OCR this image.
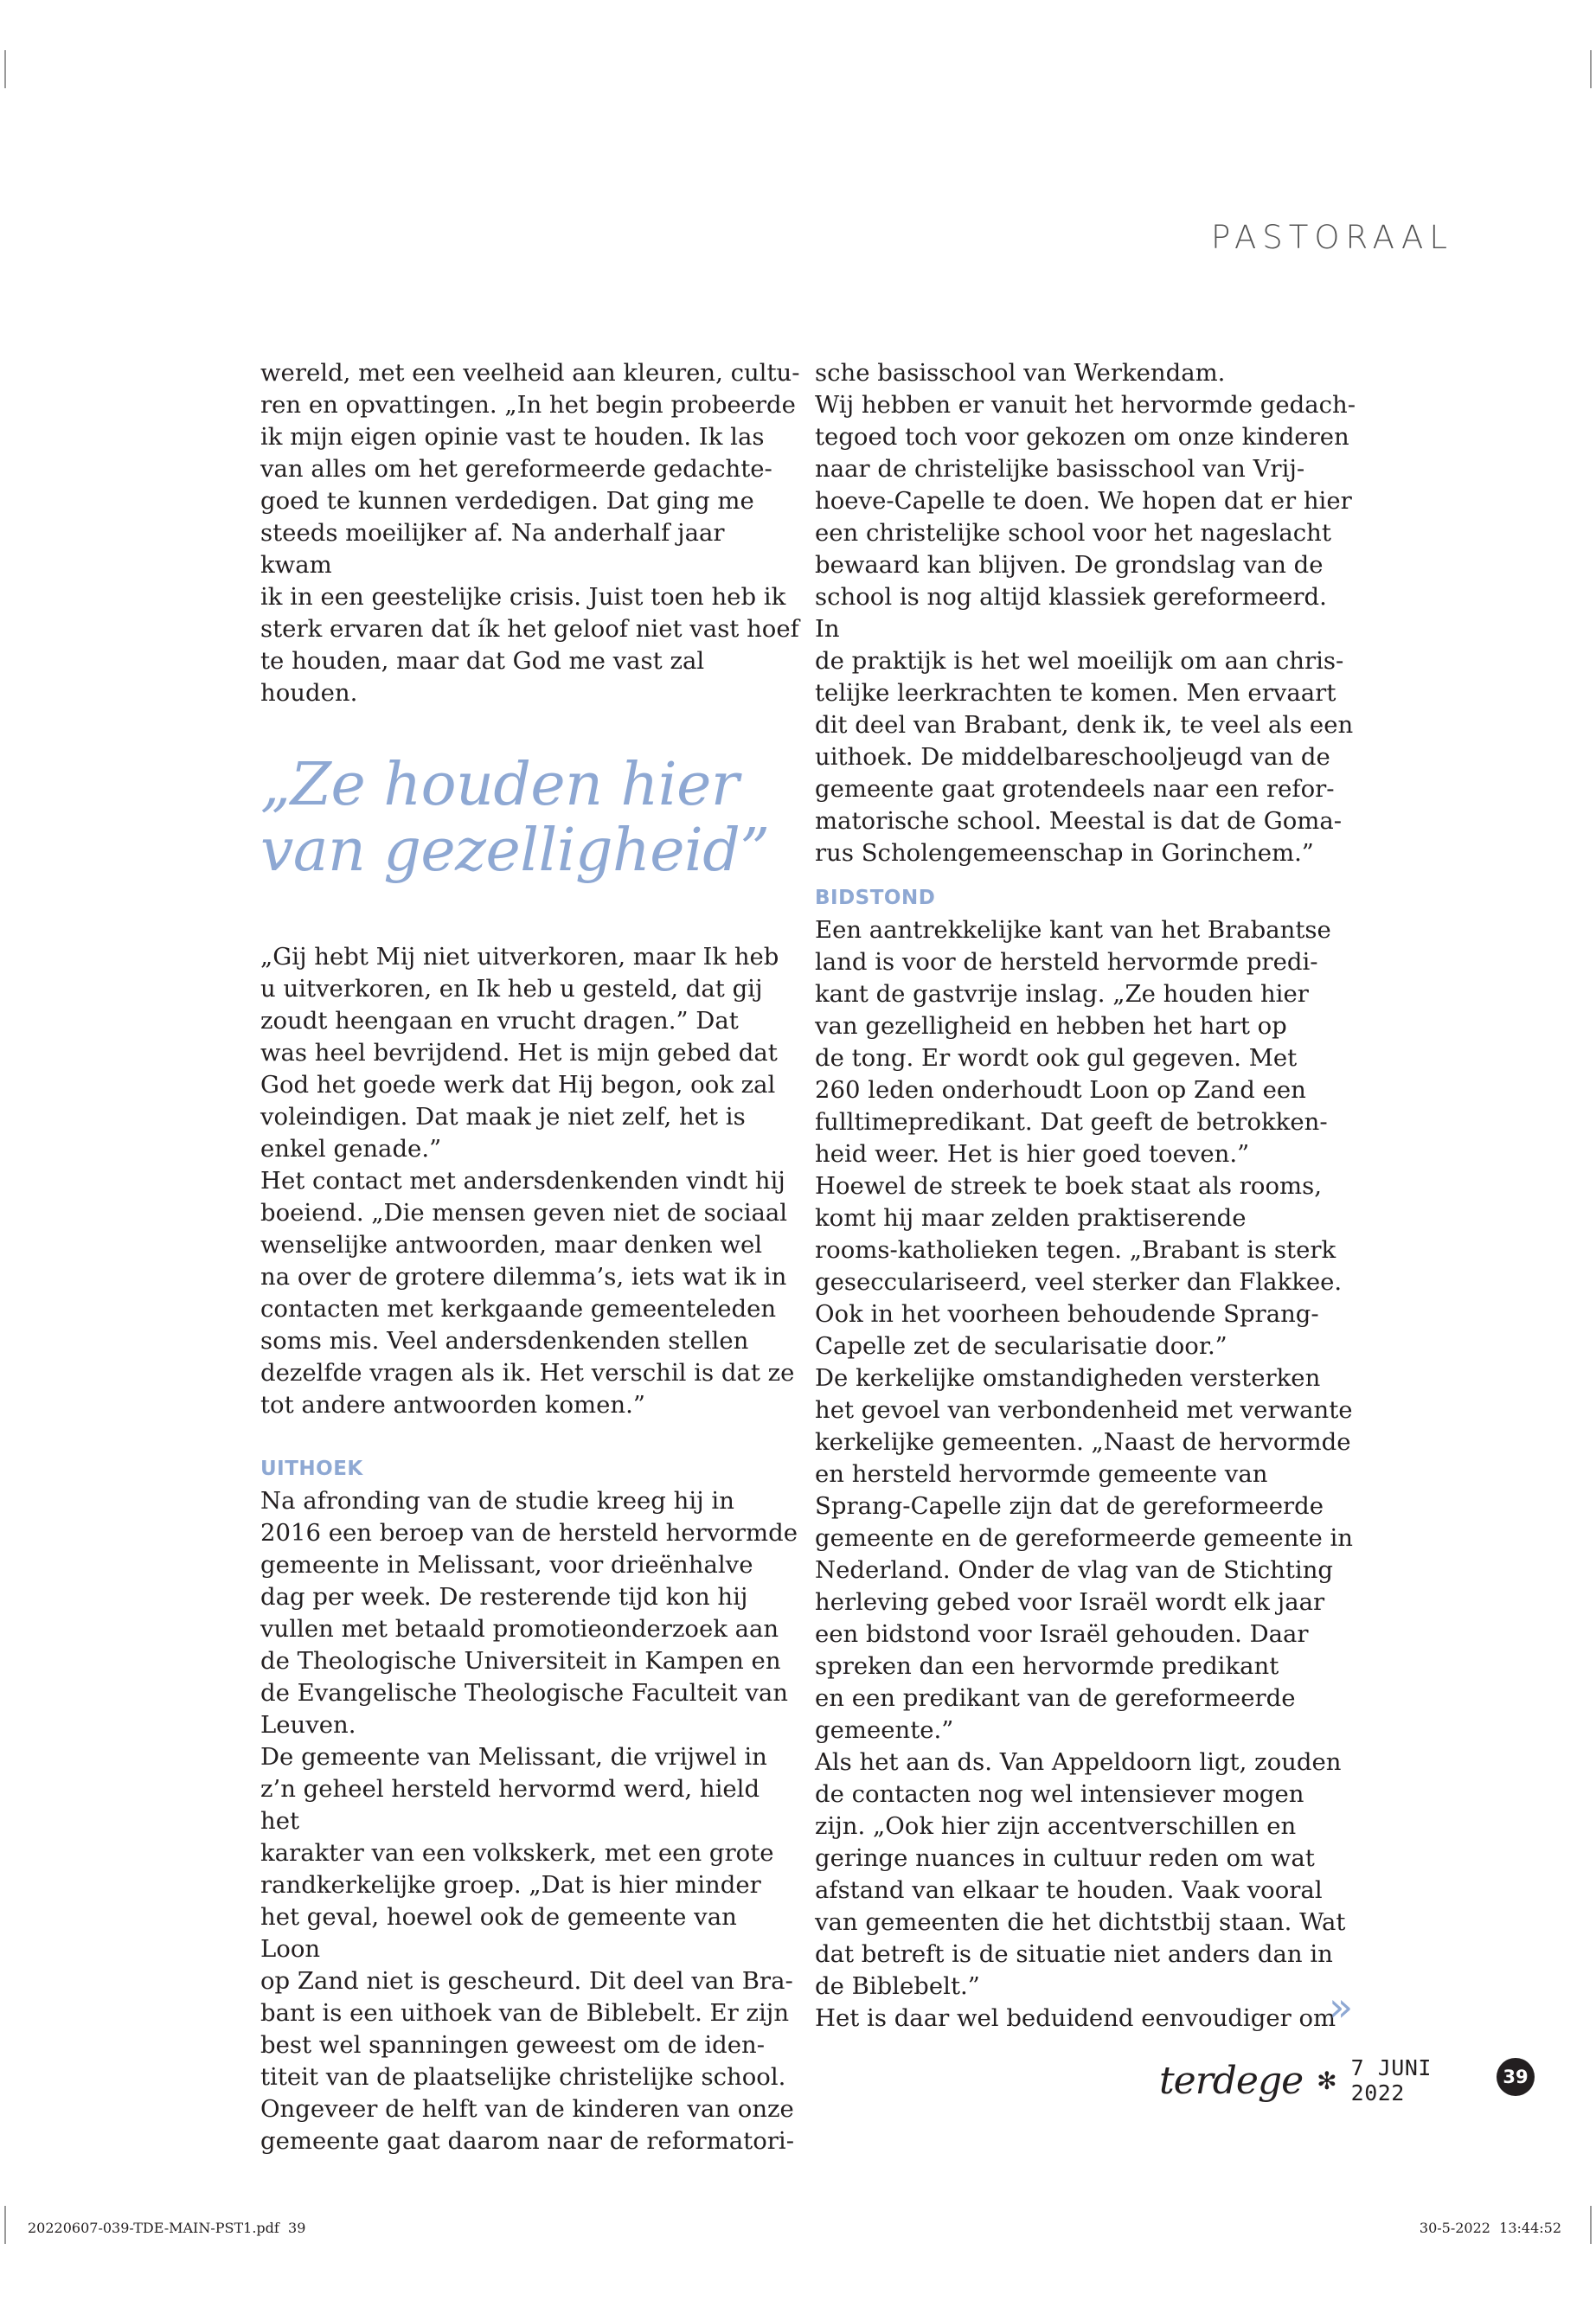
PASTORAAL

wereld, met een veelheid aan kleuren, cultu-
ren en opvattingen. „In het begin probeerde
ik mijn eigen opinie vast te houden. Ik las
van alles om het gereformeerde gedachte-
goed te kunnen verdedigen. Dat ging me
steeds moeilijker af. Na anderhalf jaar kwam
ik in een geestelijke crisis. Juist toen heb ik
sterk ervaren dat ík het geloof niet vast hoef
te houden, maar dat God me vast zal houden.

„Ze houden hier
van gezelligheid”

„Gij hebt Mij niet uitverkoren, maar Ik heb
u uitverkoren, en Ik heb u gesteld, dat gij
zoudt heengaan en vrucht dragen.” Dat
was heel bevrijdend. Het is mijn gebed dat
God het goede werk dat Hij begon, ook zal
voleindigen. Dat maak je niet zelf, het is
enkel genade.”
Het contact met andersdenkenden vindt hij
boeiend. „Die mensen geven niet de sociaal
wenselijke antwoorden, maar denken wel
na over de grotere dilemma’s, iets wat ik in
contacten met kerkgaande gemeenteleden
soms mis. Veel andersdenkenden stellen
dezelfde vragen als ik. Het verschil is dat ze
tot andere antwoorden komen.”

UITHOEK

Na afronding van de studie kreeg hij in
2016 een beroep van de hersteld hervormde
gemeente in Melissant, voor drieënhalve
dag per week. De resterende tijd kon hij
vullen met betaald promotieonderzoek aan
de Theologische Universiteit in Kampen en
de Evangelische Theologische Faculteit van
Leuven.
De gemeente van Melissant, die vrijwel in
z’n geheel hersteld hervormd werd, hield het
karakter van een volkskerk, met een grote
randkerkelijke groep. „Dat is hier minder
het geval, hoewel ook de gemeente van Loon
op Zand niet is gescheurd. Dit deel van Bra-
bant is een uithoek van de Biblebelt. Er zijn
best wel spanningen geweest om de iden-
titeit van de plaatselijke christelijke school.
Ongeveer de helft van de kinderen van onze
gemeente gaat daarom naar de reformatori-

sche basisschool van Werkendam.
Wij hebben er vanuit het hervormde gedach-
tegoed toch voor gekozen om onze kinderen
naar de christelijke basisschool van Vrij-
hoeve-Capelle te doen. We hopen dat er hier
een christelijke school voor het nageslacht
bewaard kan blijven. De grondslag van de
school is nog altijd klassiek gereformeerd. In
de praktijk is het wel moeilijk om aan chris-
telijke leerkrachten te komen. Men ervaart
dit deel van Brabant, denk ik, te veel als een
uithoek. De middelbareschooljeugd van de
gemeente gaat grotendeels naar een refor-
matorische school. Meestal is dat de Goma-
rus Scholengemeenschap in Gorinchem.”

BIDSTOND

Een aantrekkelijke kant van het Brabantse
land is voor de hersteld hervormde predi-
kant de gastvrije inslag. „Ze houden hier
van gezelligheid en hebben het hart op
de tong. Er wordt ook gul gegeven. Met
260 leden onderhoudt Loon op Zand een
fulltimepredikant. Dat geeft de betrokken-
heid weer. Het is hier goed toeven.”
Hoewel de streek te boek staat als rooms,
komt hij maar zelden praktiserende
rooms-katholieken tegen. „Brabant is sterk
gesecculariseerd, veel sterker dan Flakkee.
Ook in het voorheen behoudende Sprang-
Capelle zet de secularisatie door.”
De kerkelijke omstandigheden versterken
het gevoel van verbondenheid met verwante
kerkelijke gemeenten. „Naast de hervormde
en hersteld hervormde gemeente van
Sprang-Capelle zijn dat de gereformeerde
gemeente en de gereformeerde gemeente in
Nederland. Onder de vlag van de Stichting
herleving gebed voor Israël wordt elk jaar
een bidstond voor Israël gehouden. Daar
spreken dan een hervormde predikant
en een predikant van de gereformeerde
gemeente.”
Als het aan ds. Van Appeldoorn ligt, zouden
de contacten nog wel intensiever mogen
zijn. „Ook hier zijn accentverschillen en
geringe nuances in cultuur reden om wat
afstand van elkaar te houden. Vaak vooral
van gemeenten die het dichtstbij staan. Wat
dat betreft is de situatie niet anders dan in
de Biblebelt.”
Het is daar wel beduidend eenvoudiger om

»
terdege ✻ 7 JUNI 2022
39
20220607-039-TDE-MAIN-PST1.pdf  39	30-5-2022  13:44:52
